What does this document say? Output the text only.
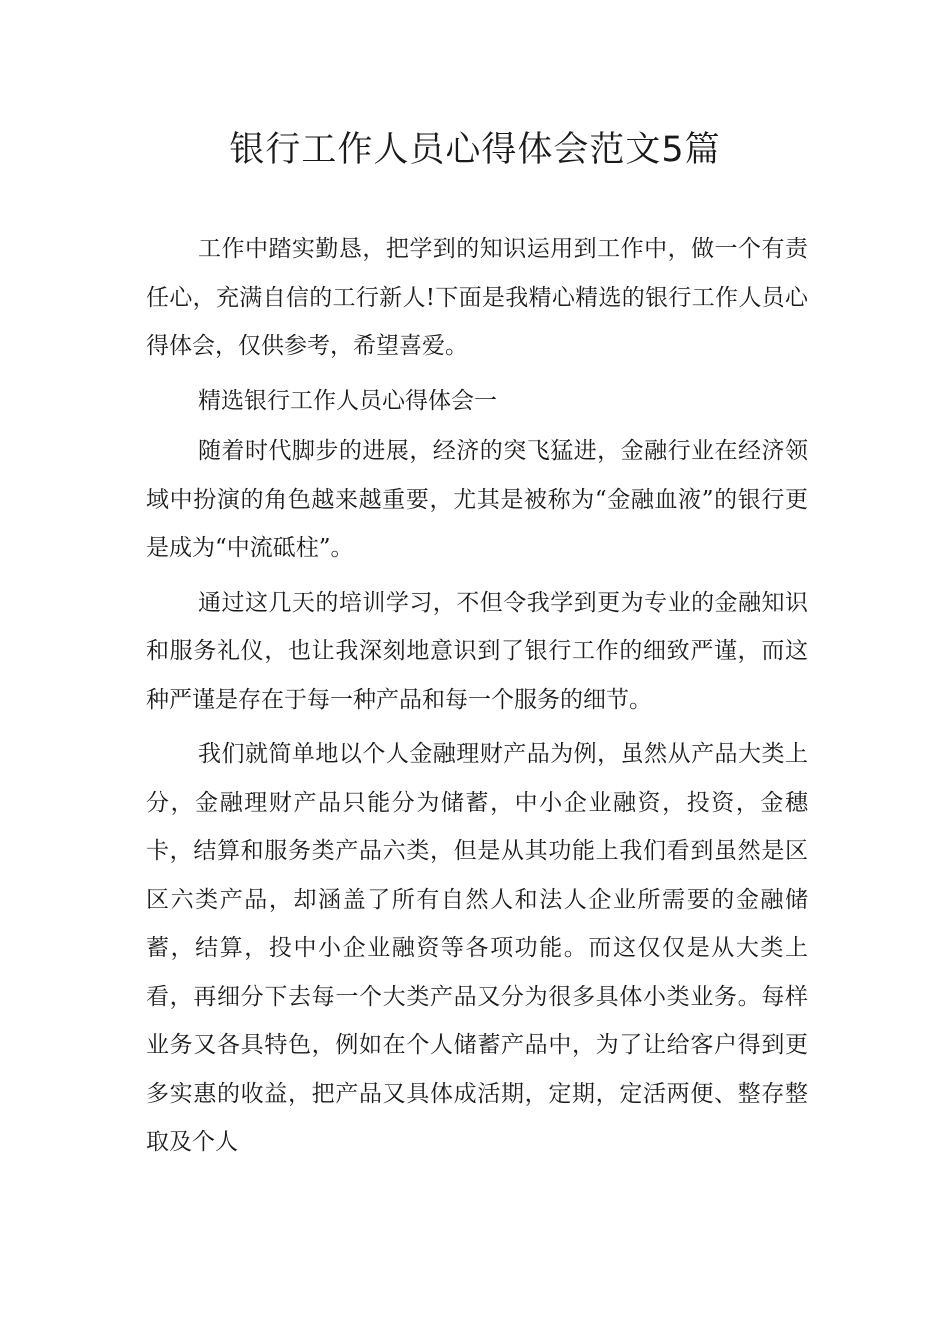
银行工作人员心得体会范文5篇

工作中踏实勤恳，把学到的知识运用到工作中，做一个有责任心，充满自信的工行新人!下面是我精心精选的银行工作人员心得体会，仅供参考，希望喜爱。

精选银行工作人员心得体会一

随着时代脚步的进展，经济的突飞猛进，金融行业在经济领域中扮演的角色越来越重要，尤其是被称为“金融血液”的银行更是成为“中流砥柱”。

通过这几天的培训学习，不但令我学到更为专业的金融知识和服务礼仪，也让我深刻地意识到了银行工作的细致严谨，而这种严谨是存在于每一种产品和每一个服务的细节。

我们就简单地以个人金融理财产品为例，虽然从产品大类上分，金融理财产品只能分为储蓄，中小企业融资，投资，金穗卡，结算和服务类产品六类，但是从其功能上我们看到虽然是区区六类产品，却涵盖了所有自然人和法人企业所需要的金融储蓄，结算，投中小企业融资等各项功能。而这仅仅是从大类上看，再细分下去每一个大类产品又分为很多具体小类业务。每样业务又各具特色，例如在个人储蓄产品中，为了让给客户得到更多实惠的收益，把产品又具体成活期，定期，定活两便、整存整取及个人
